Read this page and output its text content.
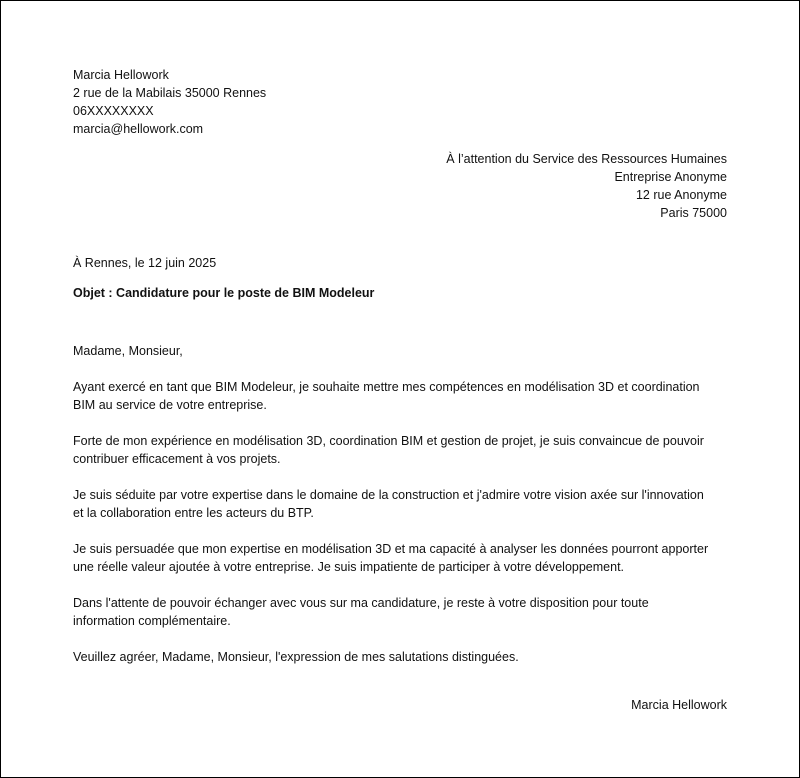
Marcia Hellowork
2 rue de la Mabilais 35000 Rennes
06XXXXXXXX
marcia@hellowork.com
À l’attention du Service des Ressources Humaines
Entreprise Anonyme
12 rue Anonyme
Paris 75000
À Rennes, le 12 juin 2025
Objet : Candidature pour le poste de BIM Modeleur

Madame, Monsieur,

Ayant exercé en tant que BIM Modeleur, je souhaite mettre mes compétences en modélisation 3D et coordination
BIM au service de votre entreprise.

Forte de mon expérience en modélisation 3D, coordination BIM et gestion de projet, je suis convaincue de pouvoir
contribuer efficacement à vos projets.

Je suis séduite par votre expertise dans le domaine de la construction et j'admire votre vision axée sur l'innovation
et la collaboration entre les acteurs du BTP.

Je suis persuadée que mon expertise en modélisation 3D et ma capacité à analyser les données pourront apporter
une réelle valeur ajoutée à votre entreprise. Je suis impatiente de participer à votre développement.

Dans l'attente de pouvoir échanger avec vous sur ma candidature, je reste à votre disposition pour toute
information complémentaire.

Veuillez agréer, Madame, Monsieur, l'expression de mes salutations distinguées.

Marcia Hellowork
